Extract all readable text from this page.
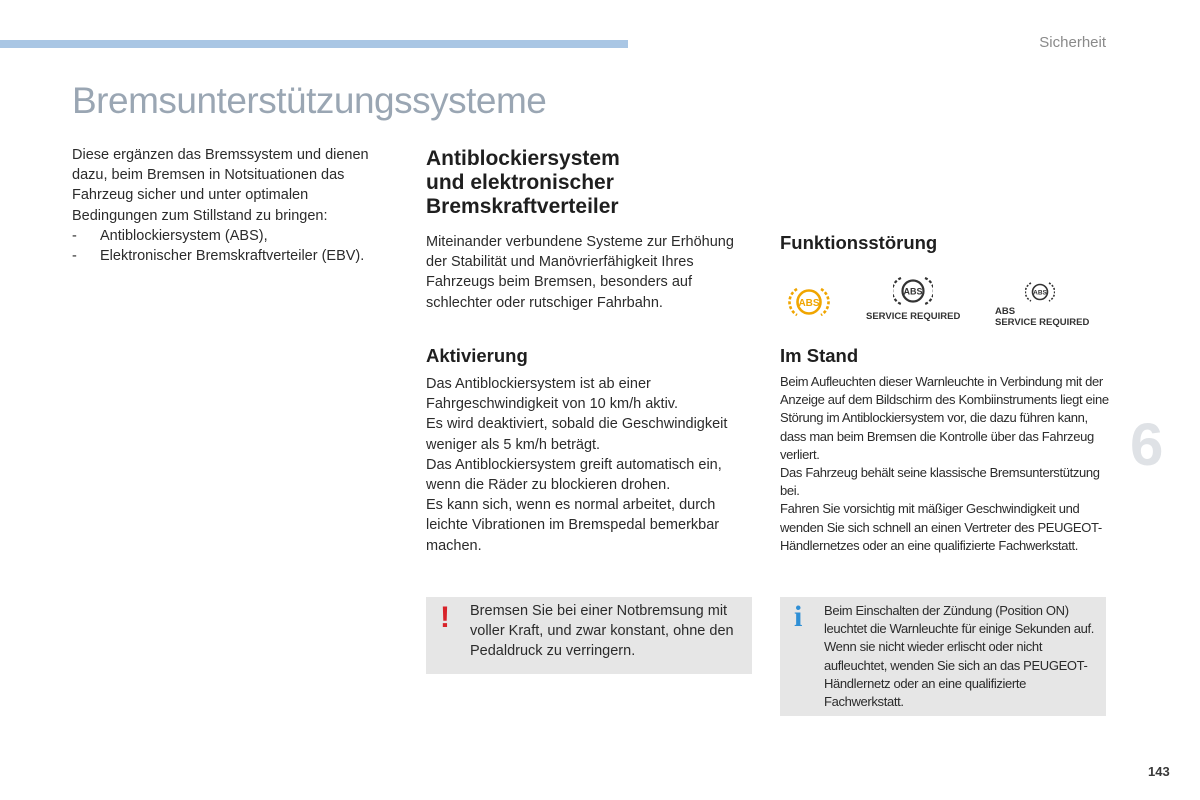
Sicherheit
Bremsunterstützungssysteme
Diese ergänzen das Bremssystem und dienen dazu, beim Bremsen in Notsituationen das Fahrzeug sicher und unter optimalen Bedingungen zum Stillstand zu bringen:
- Antiblockiersystem (ABS),
- Elektronischer Bremskraftverteiler (EBV).
Antiblockiersystem
und elektronischer
Bremskraftverteiler
Miteinander verbundene Systeme zur Erhöhung der Stabilität und Manövrierfähigkeit Ihres Fahrzeugs beim Bremsen, besonders auf schlechter oder rutschiger Fahrbahn.
Aktivierung
Das Antiblockiersystem ist ab einer Fahrgeschwindigkeit von 10 km/h aktiv.
Es wird deaktiviert, sobald die Geschwindigkeit weniger als 5 km/h beträgt.
Das Antiblockiersystem greift automatisch ein, wenn die Räder zu blockieren drohen.
Es kann sich, wenn es normal arbeitet, durch leichte Vibrationen im Bremspedal bemerkbar machen.
! Bremsen Sie bei einer Notbremsung mit voller Kraft, und zwar konstant, ohne den Pedaldruck zu verringern.
Funktionsstörung
ABS
ABS
SERVICE REQUIRED
ABS
ABS
SERVICE REQUIRED
Im Stand
Beim Aufleuchten dieser Warnleuchte in Verbindung mit der Anzeige auf dem Bildschirm des Kombiinstruments liegt eine Störung im Antiblockiersystem vor, die dazu führen kann, dass man beim Bremsen die Kontrolle über das Fahrzeug verliert.
Das Fahrzeug behält seine klassische Bremsunterstützung bei.
Fahren Sie vorsichtig mit mäßiger Geschwindigkeit und wenden Sie sich schnell an einen Vertreter des PEUGEOT-Händlernetzes oder an eine qualifizierte Fachwerkstatt.
i Beim Einschalten der Zündung (Position ON) leuchtet die Warnleuchte für einige Sekunden auf. Wenn sie nicht wieder erlischt oder nicht aufleuchtet, wenden Sie sich an das PEUGEOT-Händlernetz oder an eine qualifizierte Fachwerkstatt.
6
143
